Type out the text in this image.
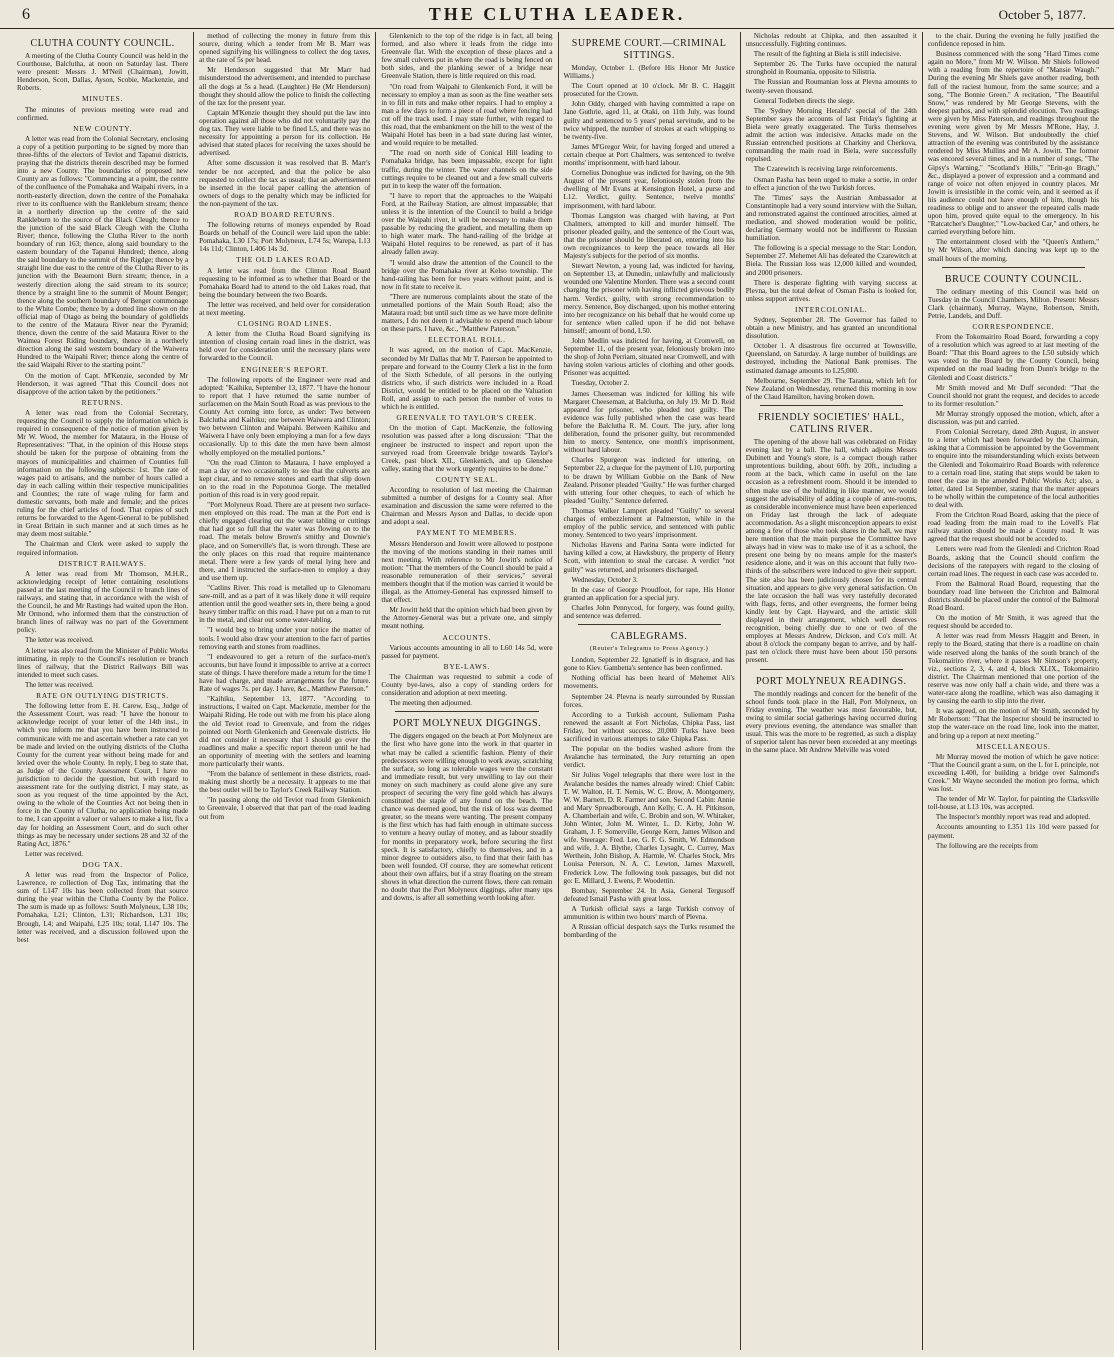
6	THE CLUTHA LEADER.	October 5, 1877.
CLUTHA COUNTY COUNCIL.

A meeting of the Clutha County Council was held in the Courthouse, Balclutha, at noon on Saturday last. There were present: Messrs J. M'Neil (Chairman), Jowitt, Henderson, Scott, Dallas, Ayson, Scobie, Mackenzie, and Roberts.

MINUTES.

The minutes of previous meeting were read and confirmed.

NEW COUNTY.

A letter was read from the Colonial Secretary, enclosing a copy of a petition purporting to be signed by more than three-fifths of the electors of Tevlot and Tapanui districts, praying that the districts therein described may be formed into a new County. The boundaries of proposed new County are as follows: "Commencing at a point, the centre of the confluence of the Pomahaka and Waipahi rivers, in a north-easterly direction, down the centre of the Pomahaka river to its confluence with the Rankleburn stream; thence in a northerly direction up the centre of the said Rankleburn to the source of the Black Cleugh; thence to the junction of the said Black Cleugh with the Clutha River; thence, following the Clutha River to the north boundary of run 163; thence, along said boundary to the eastern boundary of the Tapanui Hundred; thence, along the said boundary to the summit of the Rigdge; thence by a straight line due east to the centre of the Clutha River to its junction with the Beaumont Burn stream; thence, in a westerly direction along the said stream to its source; thence by a straight line to the summit of Mount Benger; thence along the southern boundary of Benger commonage to the White Combe; thence by a dotted line shown on the official map of Otago as being the boundary of goldfields to the centre of the Mataura River near the Pyramid; thence, down the centre of the said Mataura River to the Waimea Forest Riding boundary, thence in a northerly direction along the said western boundary of the Waiwera Hundred to the Waipahi River; thence along the centre of the said Waipahi River to the starting point."

On the motion of Capt. M'Kenzie, seconded by Mr Henderson, it was agreed "That this Council does not disapprove of the action taken by the petitioners."

RETURNS.

A letter was read from the Colonial Secretary, requesting the Council to supply the information which is required in consequence of the notice of motion given by Mr W. Wood, the member for Mataura, in the House of Representatives: "That, in the opinion of this House steps should be taken for the purpose of obtaining from the mayors of municipalities and chairmen of Counties full information on the following subjects: 1st. The rate of wages paid to artisans, and the number of hours called a day in each calling within their respective municipalities and Counties; the rate of wage ruling for farm and domestic servants, both male and female; and the prices ruling for the chief articles of food. That copies of such returns be forwarded to the Agent-General to be published in Great Britain in such manner and at such times as he may deem most suitable."

The Chairman and Clerk were asked to supply the required information.

DISTRICT RAILWAYS.

A letter was read from Mr Thomson, M.H.R., acknowledging receipt of letter containing resolutions passed at the last meeting of the Council re branch lines of railways, and stating that, in accordance with the wish of the Council, he and Mr Rastings had waited upon the Hon. Mr Ormond, who informed them that the construction of branch lines of railway was no part of the Government policy.

The letter was received.

A letter was also read from the Minister of Public Works intimating, in reply to the Council's resolution re branch lines of railway, that the District Railways Bill was intended to meet such cases.

The letter was received.

RATE ON OUTLYING DISTRICTS.

The following letter from E. H. Carew, Esq., Judge of the Assessment Court, was read: "I have the honour to acknowledge receipt of your letter of the 14th inst., in which you inform me that you have been instructed to communicate with me and ascertain whether a rate can yet be made and levied on the outlying districts of the Clutha County for the current year without being made for and levied over the whole County. In reply, I beg to state that, as Judge of the County Assessment Court, I have no jurisdiction to decide the question, but with regard to assessment rate for the outlying district, I may state, as soon as you request of the time appointed by the Act, owing to the whole of the Counties Act not being then in force in the County of Clutha, no application being made to me, I can appoint a valuer or valuers to make a list, fix a day for holding an Assessment Court, and do such other things as may be necessary under sections 28 and 32 of the Rating Act, 1876."

Letter was received.

DOG TAX.

A letter was read from the Inspector of Police, Lawrence, re collection of Dog Tax, intimating that the sum of L147 10s has been collected from that source during the year within the Clutha County by the Police. The sum is made up as follows: South Molyneux, L38 10s; Pomahaka, L21; Clinton, L31; Richardson, L31 10s; Brough, L4; and Waipahi, L25 10s; total, L147 10s. The letter was received, and a discussion followed upon the best

method of collecting the money in future from this source, during which a tender from Mr B. Marr was opened signifying his willingness to collect the dog taxes, at the rate of 5s per head.

Mr Henderson suggested that Mr Marr had misunderstood the advertisement, and intended to purchase all the dogs at 5s a head. (Laughter.) He (Mr Henderson) thought they should allow the police to finish the collecting of the tax for the present year.

Captain M'Kenzie thought they should put the law into operation against all those who did not voluntarily pay the dog tax. They were liable to be fined L5, and there was no necessity for appointing a person for its collection. He advised that stated places for receiving the taxes should be advertised.

After some discussion it was resolved that B. Marr's tender be not accepted, and that the police be also requested to collect the tax as usual; that an advertisement be inserted in the local paper calling the attention of owners of dogs to the penalty which may be inflicted for the non-payment of the tax.

ROAD BOARD RETURNS.

The following returns of moneys expended by Road Boards on behalf of the Council were laid upon the table: Pomahaka, L30 17s; Port Molyneux, L74 5s; Warepa, L13 14s 11d; Clinton, L406 14s 3d.

THE OLD LAKES ROAD.

A letter was read from the Clinton Road Board requesting to be informed as to whether that Board or the Pomahaka Board had to attend to the old Lakes road, that being the boundary between the two Boards.

The letter was received, and held over for consideration at next meeting.

CLOSING ROAD LINES.

A letter from the Clutha Road Board signifying its intention of closing certain road lines in the district, was held over for consideration until the necessary plans were forwarded to the Council.

ENGINEER'S REPORT.

The following reports of the Engineer were read and adopted: "Kaihiku, September 13, 1877. "I have the honour to report that I have returned the same number of surfacemen on the Main South Road as was previous to the County Act coming into force, as under: Two between Balclutha and Kaihiku; one between Waiwera and Clinton; two between Clinton and Waipahi. Between Kaihiku and Waiwera I have only been employing a man for a few days occasionally. Up to this date the men have been almost wholly employed on the metalled portions."

"On the road Clinton to Mataura, I have employed a man a day or two occasionally to see that the culverts are kept clear, and to remove stones and earth that slip down on to the road in the Popotunoa Gorge. The metalled portion of this road is in very good repair.

"Port Molyneux Road. There are at present two surface-men employed on this road. The man at the Port end is chiefly engaged clearing out the water tabling or cuttings that had got so full that the water was flowing on to the road. The metals below Brown's smithy and Downie's place, and on Somerville's flat, is worn through. These are the only places on this road that require maintenance metal. There were a few yards of metal lying here and there, and I instructed the surface-men to employ a dray and use them up.

"Catlins River. This road is metalled up to Glenomaru saw-mill, and as a part of it was likely done it will require attention until the good weather sets in, there being a good heavy timber traffic on this road. I have put on a man to rut in the metal, and clear out some water-tabling.

"I would beg to bring under your notice the matter of tools. I would also draw your attention to the fact of parties removing earth and stones from roadlines.

"I endeavoured to get a return of the surface-men's accounts, but have found it impossible to arrive at a correct state of things. I have therefore made a return for the time I have had charge, and made arrangements for the future. Rate of wages 7s. per day. I have, &c., Matthew Paterson."

"Kaihiku, September 13, 1877. "According to instructions, I waited on Capt. Mackenzie, member for the Waipahi Riding. He rode out with me from his place along the old Teviot road to Greenvale, and from the ridges pointed out North Glenkenich and Greenvale districts. He did not consider it necessary that I should go over the roadlines and make a specific report thereon until he had an opportunity of meeting with the settlers and learning more particularly their wants.

"From the balance of settlement in these districts, road-making must shortly be a necessity. It appears to me that the best outlet will be to Taylor's Creek Railway Station.

"In passing along the old Teviot road from Glenkenich to Greenvale, I observed that that part of the road leading out from

Glenkenich to the top of the ridge is in fact, all being formed, and also where it leads from the ridge into Greenvale flat. With the exception of these places and a few small culverts put in where the road is being fenced on both sides, and the planking sewer of a bridge near Greenvale Station, there is little required on this road.

"On road from Waipahi to Glenkenich Ford, it will be necessary to employ a man as soon as the fine weather sets in to fill in ruts and make other repairs. I had to employ a man a few days to form a piece of road where fencing had cut off the track used. I may state further, with regard to this road, that the embankment on the hill to the west of the Waipahi Hotel has been in a bad state during last winter, and would require to be metalled.

"The road on north side of Conical Hill leading to Pomahaka bridge, has been impassable, except for light traffic, during the winter. The water channels on the side cuttings require to be cleaned out and a few small culverts put in to keep the water off the formation.

"I have to report that the approaches to the Waipahi Ford, at the Railway Station, are almost impassable; that unless it is the intention of the Council to build a bridge over the Waipahi river, it will be necessary to make them passable by reducing the gradient, and metalling them up to high water mark. The hand-railing of the bridge at Waipahi Hotel requires to be renewed, as part of it has already fallen away.

"I would also draw the attention of the Council to the bridge over the Pomahaka river at Kelso township. The hand-railing has been for two years without paint, and is now in fit state to receive it.

"There are numerous complaints about the state of the unmetalled portions of the Main South Road; also the Mataura road; but until such time as we have more definite matters, I do not deem it advisable to expend much labour on these parts. I have, &c., "Matthew Paterson."

ELECTORAL ROLL.

It was agreed, on the motion of Capt. MacKenzie, seconded by Mr Dallas that Mr T. Paterson be appointed to prepare and forward to the County Clerk a list in the form of the Sixth Schedule, of all persons in the outlying districts who, if such districts were included in a Road District, would be entitled to be placed on the Valuation Roll, and assign to each person the number of votes to which he is entitled.

GREENVALE TO TAYLOR'S CREEK.

On the motion of Capt. MacKenzie, the following resolution was passed after a long discussion: "That the engineer be instructed to inspect and report upon the surveyed road from Greenvale bridge towards Taylor's Creek, past block XII., Glenkenich, and up Glenshee valley, stating that the work urgently requires to be done."

COUNTY SEAL.

According to resolution of last meeting the Chairman submitted a number of designs for a County seal. After examination and discussion the same were referred to the Chairman and Messrs Ayson and Dallas, to decide upon and adopt a seal.

PAYMENT TO MEMBERS.

Messrs Henderson and Jowitt were allowed to postpone the moving of the motions standing in their names until next meeting. With reference to Mr Jowitt's notice of motion: "That the members of the Council should be paid a reasonable remuneration of their services," several members thought that if the motion was carried it would be illegal, as the Attorney-General has expressed himself to that effect.

Mr Jowitt held that the opinion which had been given by the Attorney-General was but a private one, and simply meant nothing.

ACCOUNTS.

Various accounts amounting in all to L60 14s 5d, were passed for payment.

BYE-LAWS.

The Chairman was requested to submit a code of County bye-laws, also a copy of standing orders for consideration and adoption at next meeting.

The meeting then adjourned.

PORT MOLYNEUX DIGGINGS.

The diggers engaged on the beach at Port Molyneux are the first who have gone into the work in that quarter in what may be called a scientific fashion. Plenty of their predecessors were willing enough to work away, scratching the surface, so long as tolerable wages were the constant and immediate result, but very unwilling to lay out their money on such machinery as could alone give any sure prospect of securing the very fine gold which has always constituted the staple of any found on the beach. The chance was deemed good, but the risk of loss was deemed greater, so the means were wanting. The present company is the first which has had faith enough in ultimate success to venture a heavy outlay of money, and as labour steadily for months in preparatory work, before securing the first speck. It is satisfactory, chiefly to themselves, and in a minor degree to outsiders also, to find that their faith has been well founded. Of course, they are somewhat reticent about their own affairs, but if a stray floating on the stream shows in what direction the current flows, there can remain no doubt that the Port Molyneux diggings, after many ups and downs, is after all something worth looking after.

SUPREME COURT.—CRIMINAL SITTINGS.

Monday, October 1. (Before His Honor Mr Justice Williams.)

The Court opened at 10 o'clock. Mr B. C. Haggitt prosecuted for the Crown.

John Oddy, charged with having committed a rape on Jane Guthrie, aged 11, at Otaki, on 11th July, was found guilty and sentenced to 5 years' penal servitude, and to be twice whipped, the number of strokes at each whipping to be twenty-five.

James M'Gregor Weir, for having forged and uttered a certain cheque at Port Chalmers, was sentenced to twelve months' imprisonment, with hard labour.

Cornelius Donoghue was indicted for having, on the 9th August of the present year, feloniously stolen from the dwelling of Mr Evans at Kensington Hotel, a purse and L12. Verdict, guilty. Sentence, twelve months' imprisonment, with hard labour.

Thomas Langston was charged with having, at Port Chalmers, attempted to kill and murder himself. The prisoner pleaded guilty, and the sentence of the Court was, that the prisoner should be liberated on, entering into his own recognizances to keep the peace towards all Her Majesty's subjects for the period of six months.

Stewart Newton, a young lad, was indicted for having, on September 13, at Dunedin, unlawfully and maliciously wounded one Valentine Morden. There was a second count charging the prisoner with having inflicted grievous bodily harm. Verdict, guilty, with strong recommendation to mercy. Sentence, Boy discharged, upon his mother entering into her recognizance on his behalf that he would come up for sentence when called upon if he did not behave himself; amount of bond, L50.

John Medlin was indicted for having, at Cromwell, on September 11, of the present year, feloniously broken into the shop of John Perriam, situated near Cromwell, and with having stolen various articles of clothing and other goods. Prisoner was acquitted.

Tuesday, October 2.

James Cheeseman was indicted for killing his wife Margaret Cheeseman, at Balclutha, on July 19. Mr D. Reid appeared for prisoner, who pleaded not guilty. The evidence was fully published when the case was heard before the Balclutha R. M. Court. The jury, after long deliberation, found the prisoner guilty, but recommended him to mercy. Sentence, one month's imprisonment, without hard labour.

Charles Spurgeon was indicted for uttering, on September 22, a cheque for the payment of L10, purporting to be drawn by William Gobbie on the Bank of New Zealand. Prisoner pleaded "Guilty." He was further charged with uttering four other cheques, to each of which he pleaded "Guilty." Sentence deferred.

Thomas Walker Lampert pleaded "Guilty" to several charges of embezzlement at Palmerston, while in the employ of the public service, and sentenced with public money. Sentenced to two years' imprisonment.

Nicholas Havens and Parina Santa were indicted for having killed a cow, at Hawksbury, the property of Henry Scott, with intention to steal the carcase. A verdict "not guilty" was returned, and prisoners discharged.

Wednesday, October 3.

In the case of George Proudfoot, for rape, His Honor granted an application for a special jury.

Charles John Pennycod, for forgery, was found guilty, and sentence was deferred.

CABLEGRAMS.
(Reuter's Telegrams to Press Agency.)

London, September 22. Ignatieff is in disgrace, and has gone to Kiev. Gambetta's sentence has been confirmed.

Nothing official has been heard of Mehemet Ali's movements.

September 24. Plevna is nearly surrounded by Russian forces.

According to a Turkish account, Suliemam Pasha renewed the assault at Fort Nicholas, Chipka Pass, last Friday, but without success. 20,000 Turks have been sacrificed in various attempts to take Chipka Pass.

The popular on the bodies washed ashore from the Avalanche has terminated, the Jury returning an open verdict.

Sir Julius Vogel telegraphs that there were lost in the Avalanche besides the names already wired: Chief Cabin: T. W. Walton, H. T. Nemis, W. C. Brow, A. Montgomery, W. W. Barnett, D. R. Farmer and son. Second Cabin: Annie and Mary Spreadborough, Ann Kelly, C. A. H. Pitkinson, A. Chamberlain and wife, C. Brobin and son, W. Whitaker, John Winter, John M. Winter, L. D. Kirby, John W. Graham, J. F. Somerville, George Kern, James Wilson and wife. Steerage: Fred. Lee, G. F. G. Smith, W. Edmondson and wife, J. A. Blythe, Charles Lysaght, C. Currey, Max Werthein, John Bishop, A. Harmle, W. Charles Stock, Mrs Louisa Peterson, N. A. C. Lewton, James Maxwell, Frederick Low. The following took passages, but did not go: E. Millard, J. Ewens, P. Woodettin.

Bombay, September 24. In Asia, General Tergusoff defeated Ismail Pasha with great loss.

A Turkish official says a large Turkish convoy of ammunition is within two hours' march of Plevna.

A Russian official despatch says the Turks resumed the bombarding of the

Nicholas redoubt at Chipka, and then assaulted it unsuccessfully. Fighting continues.

The result of the fighting at Biela is still indecisive.

September 26. The Turks have occupied the natural stronghold in Roumania, opposite to Silistria.

The Russian and Roumanian loss at Plevna amounts to twenty-seven thousand.

General Todleben directs the siege.

The 'Sydney Morning Herald's' special of the 24th September says the accounts of last Friday's fighting at Biela were greatly exaggerated. The Turks themselves admit the action was indecisive. Attacks made on the Russian entrenched positions at Charkiny and Cherkova, commanding the main road in Biela, were successfully repulsed.

The Czarewitch is receiving large reinforcements.

Osman Pasha has been urged to make a sortie, in order to effect a junction of the two Turkish forces.

The 'Times' says the Austrian Ambassador at Constantinople had a very sound interview with the Sultan, and remonstrated against the continued atrocities, aimed at mediation, and showed moderation would be politic, declaring Germany would not be indifferent to Russian humiliation.

The following is a special message to the Star: London, September 27. Mehemet Ali has defeated the Czarewitch at Biela. The Russian loss was 12,000 killed and wounded, and 2000 prisoners.

There is desperate fighting with varying success at Plevna, but the total defeat of Osman Pasha is looked for, unless support arrives.

INTERCOLONIAL.

Sydney, September 28. The Governor has failed to obtain a new Ministry, and has granted an unconditional dissolution.

October 1. A disastrous fire occurred at Townsville, Queensland, on Saturday. A large number of buildings are destroyed, including the National Bank premises. The estimated damage amounts to L25,000.

Melbourne, September 29. The Taranua, which left for New Zealand on Wednesday, returned this morning in tow of the Claud Hamilton, having broken down.

FRIENDLY SOCIETIES' HALL, CATLINS RIVER.

The opening of the above hall was celebrated on Friday evening last by a ball. The hall, which adjoins Messrs Dubinett and Young's store, is a compact though rather unpretentious building, about 60ft. by 20ft., including a room at the back, which came in useful on the late occasion as a refreshment room. Should it be intended to often make use of the building in like manner, we would suggest the advisability of adding a couple of ante-rooms, as considerable inconvenience must have been experienced on Friday last through the lack of adequate accommodation. As a slight misconception appears to exist among a few of those who took shares in the hall, we may here mention that the main purpose the Committee have always had in view was to make use of it as a school, the present one being by no means ample for the master's residence alone, and it was on this account that fully two-thirds of the subscribers were induced to give their support. The site also has been judiciously chosen for its central situation, and appears to give very general satisfaction. On the late occasion the hall was very tastefully decorated with flags, ferns, and other evergreens, the former being kindly lent by Capt. Hayward, and the artistic skill displayed in their arrangement, which well deserves recognition, being chiefly due to one or two of the employes at Messrs Andrew, Dickson, and Co's mill. At about 8 o'clock the company began to arrive, and by half-past ten o'clock there must have been about 150 persons present.

PORT MOLYNEUX READINGS.

The monthly readings and concert for the benefit of the school funds took place in the Hall, Port Molyneux, on Friday evening. The weather was most favourable, but, owing to similar social gatherings having occurred during every previous evening, the attendance was smaller than usual. This was the more to be regretted, as such a display of superior talent has never been exceeded at any meetings in the same place. Mr Andrew Melville was voted

to the chair. During the evening he fully justified the confidence reposed in him.

Business commenced with the song "Hard Times come again no More," from Mr W. Wilson. Mr Shiels followed with a reading from the repertoire of "Mansie Waugh." During the evening Mr Shiels gave another reading, both full of the raciest humour, from the same source; and a song, "The Bonnie Green." A recitation, "The Beautiful Snow," was rendered by Mr George Stevens, with the deepest pathos, and with splendid elocution. Two readings were given by Miss Paterson, and readings throughout the evening were given by Mr Messrs M'Rone, Hay, J. Stevens, and W. Wilson. But undoubtedly the chief attraction of the evening was contributed by the assistance rendered by Miss Mullins and Mr A. Jowitt. The former was encored several times, and in a number of songs, "The Gipsy's Warning," "Scotland's Hills," "Erin-go Bragh," &c., displayed a power of expression and a command and range of voice not often enjoyed in country places. Mr Jowitt is irresistible in the comic vein, and it seemed as if his audience could not have enough of him, though his readiness to oblige and to answer the repeated calls made upon him, proved quite equal to the emergency. In his "Ratcatcher's Daughter," "Low-backed Car," and others, he carried everything before him.

The entertainment closed with the "Queen's Anthem," by Mr Wilson, after which dancing was kept up to the small hours of the morning.

BRUCE COUNTY COUNCIL.

The ordinary meeting of this Council was held on Tuesday in the Council Chambers, Milton. Present: Messrs Clark (chairman), Murray, Wayne, Robertson, Smith, Petrie, Landels, and Duff.

CORRESPONDENCE.

From the Tokomairiro Road Board, forwarding a copy of a resolution which was agreed to at last meeting of the Board: "That this Board agrees to the L50 subsidy which was voted to the Board by the County Council, being expended on the road leading from Dunn's bridge to the Glenledi and Coast districts."

Mr Smith moved and Mr Duff seconded: "That the Council should not grant the request, and decides to accede to its former resolution."

Mr Murray strongly opposed the motion, which, after a discussion, was put and carried.

From Colonial Secretary, dated 28th August, in answer to a letter which had been forwarded by the Chairman, asking that a Commission be appointed by the Government to enquire into the misunderstanding which exists between the Glenledi and Tokomairiro Road Boards with reference to a certain road line, stating that steps would be taken to meet the case in the amended Public Works Act; also, a letter, dated 1st September, stating that the matter appears to be wholly within the competence of the local authorities to deal with.

From the Crichton Road Board, asking that the piece of road leading from the main road to the Lovell's Flat railway station should be made a County road. It was agreed that the request should not be acceded to.

Letters were read from the Glenledi and Crichton Road Boards, asking that the Council should confirm the decisions of the ratepayers with regard to the closing of certain road lines. The request in each case was acceded to.

From the Balmoral Road Board, requesting that the boundary road line between the Crichton and Balmoral districts should be placed under the control of the Balmoral Road Board.

On the motion of Mr Smith, it was agreed that the request should be acceded to.

A letter was read from Messrs Haggitt and Breen, in reply to the Board, stating that there is a roadline on chain wide reserved along the banks of the south branch of the Tokomairiro river, where it passes Mr Simson's property, viz., sections 2, 3, 4, and 4, block XLIX., Tokomairiro district. The Chairman mentioned that one portion of the reserve was now only half a chain wide, and there was a water-race along the roadline, which was also damaging it by causing the earth to slip into the river.

It was agreed, on the motion of Mr Smith, seconded by Mr Robertson: "That the Inspector should be instructed to stop the water-race on the road line, look into the matter, and bring up a report at next meeting."

MISCELLANEOUS.

Mr Murray moved the motion of which he gave notice: "That the Council grant a sum, on the L for L principle, not exceeding L400, for building a bridge over Salmond's Creek." Mr Wayne seconded the motion pro forma, which was lost.

The tender of Mr W. Taylor, for painting the Clarksville toll-house, at L13 10s, was accepted.

The Inspector's monthly report was read and adopted.

Accounts amounting to L351 11s 10d were passed for payment.

The following are the receipts from
